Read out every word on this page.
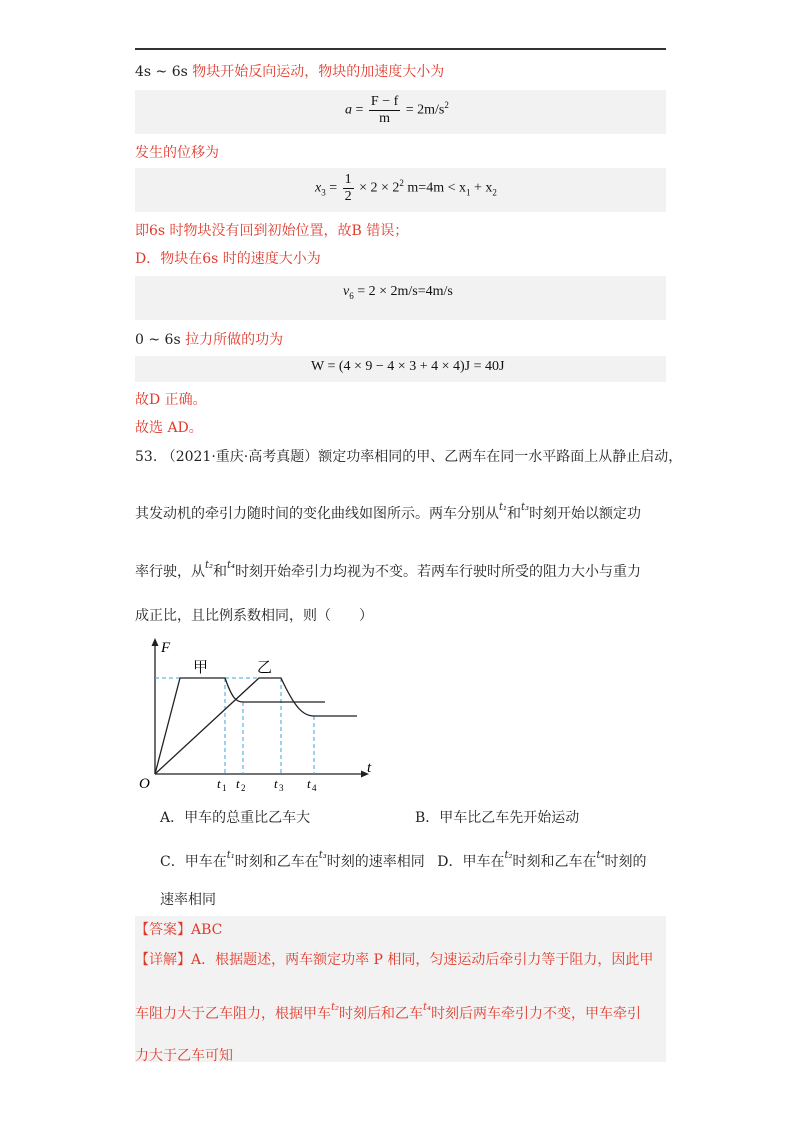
4s ~ 6s 物块开始反向运动，物块的加速度大小为
$a = \frac{F - f}{m} = 2m/s^2$
发生的位移为
$x_3 = \frac{1}{2} \times 2 \times 2^2$ $m=4m < x_1 + x_2$
即6s 时物块没有回到初始位置，故B 错误；
D．物块在6s 时的速度大小为
$v_6 = 2 \times 2m/s=4m/s$
0 ~ 6s 拉力所做的功为
W = (4 × 9 − 4 × 3 + 4 × 4)J = 40J
故D 正确。
故选 AD。
53. （2021·重庆·高考真题）额定功率相同的甲、乙两车在同一水平路面上从静止启动，
其发动机的牵引力随时间的变化曲线如图所示。两车分别从$^{t_1}$和$^{t_3}$时刻开始以额定功
率行驶，从$^{t_2}$和$^{t_4}$时刻开始牵引力均视为不变。若两车行驶时所受的阻力大小与重力
成正比，且比例系数相同，则（　　）
F
t
O
甲	乙
t 1 t 2 t 3 t 4
A．甲车的总重比乙车大	B．甲车比乙车先开始运动
C．甲车在$^{t_1}$时刻和乙车在$^{t_3}$时刻的速率相同 D．甲车在$^{t_2}$时刻和乙车在$^{t_4}$时刻的
速率相同
【答案】ABC
【详解】A．根据题述，两车额定功率 P 相同，匀速运动后牵引力等于阻力，因此甲
车阻力大于乙车阻力，根据甲车$^{t_2}$时刻后和乙车$^{t_4}$时刻后两车牵引力不变，甲车牵引
力大于乙车可知
